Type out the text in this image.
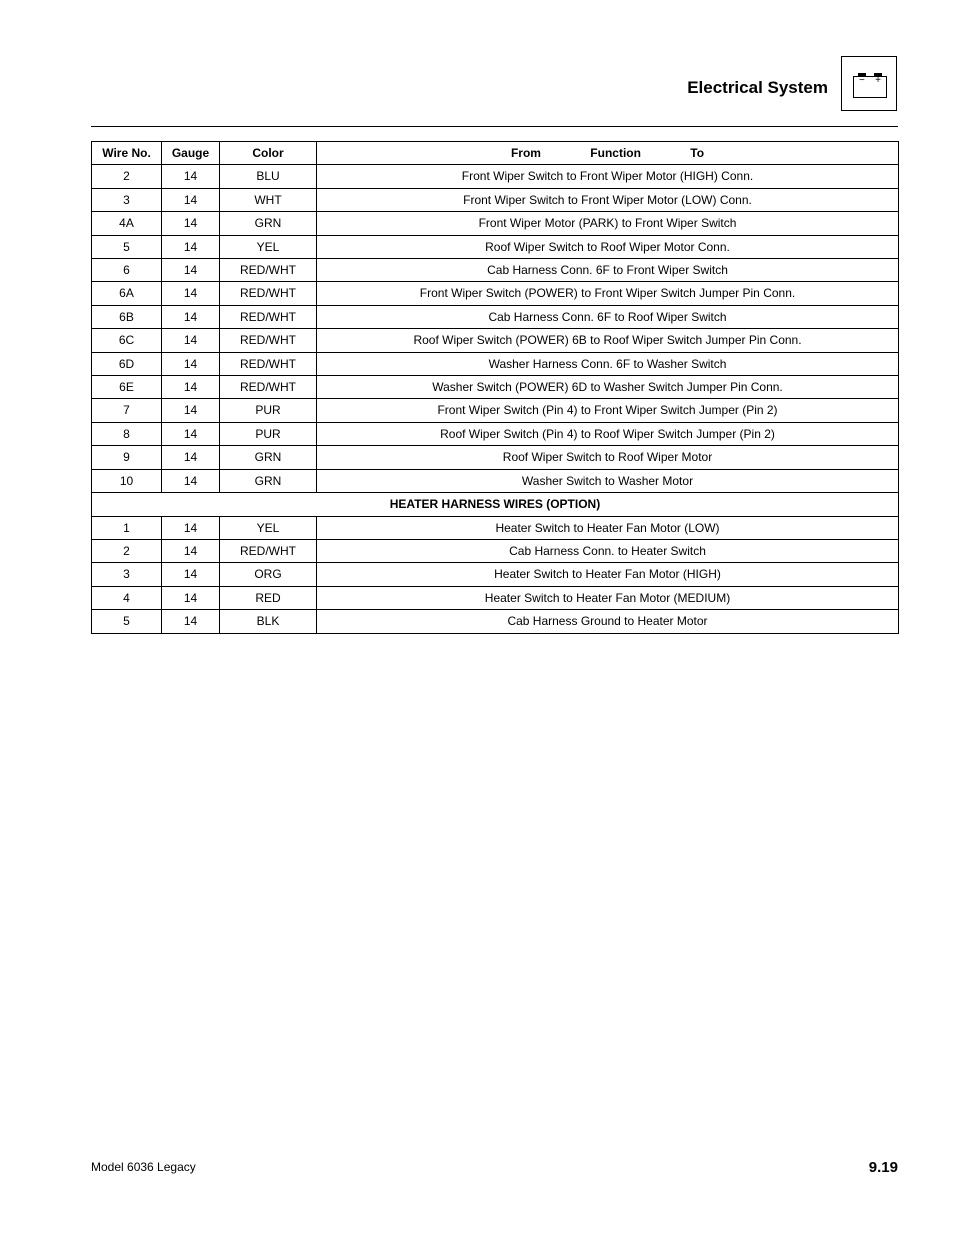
Electrical System	− +
Wire No.	Gauge	Color	From Function To
2	14	BLU	Front Wiper Switch to Front Wiper Motor (HIGH) Conn.
3	14	WHT	Front Wiper Switch to Front Wiper Motor (LOW) Conn.
4A	14	GRN	Front Wiper Motor (PARK) to Front Wiper Switch
5	14	YEL	Roof Wiper Switch to Roof Wiper Motor Conn.
6	14	RED/WHT	Cab Harness Conn. 6F to Front Wiper Switch
6A	14	RED/WHT	Front Wiper Switch (POWER) to Front Wiper Switch Jumper Pin Conn.
6B	14	RED/WHT	Cab Harness Conn. 6F to Roof Wiper Switch
6C	14	RED/WHT	Roof Wiper Switch (POWER) 6B to Roof Wiper Switch Jumper Pin Conn.
6D	14	RED/WHT	Washer Harness Conn. 6F to Washer Switch
6E	14	RED/WHT	Washer Switch (POWER) 6D to Washer Switch Jumper Pin Conn.
7	14	PUR	Front Wiper Switch (Pin 4) to Front Wiper Switch Jumper (Pin 2)
8	14	PUR	Roof Wiper Switch (Pin 4) to Roof Wiper Switch Jumper (Pin 2)
9	14	GRN	Roof Wiper Switch to Roof Wiper Motor
10	14	GRN	Washer Switch to Washer Motor
HEATER HARNESS WIRES (OPTION)			
1	14	YEL	Heater Switch to Heater Fan Motor (LOW)
2	14	RED/WHT	Cab Harness Conn. to Heater Switch
3	14	ORG	Heater Switch to Heater Fan Motor (HIGH)
4	14	RED	Heater Switch to Heater Fan Motor (MEDIUM)
5	14	BLK	Cab Harness Ground to Heater Motor
Model 6036 Legacy	9.19
